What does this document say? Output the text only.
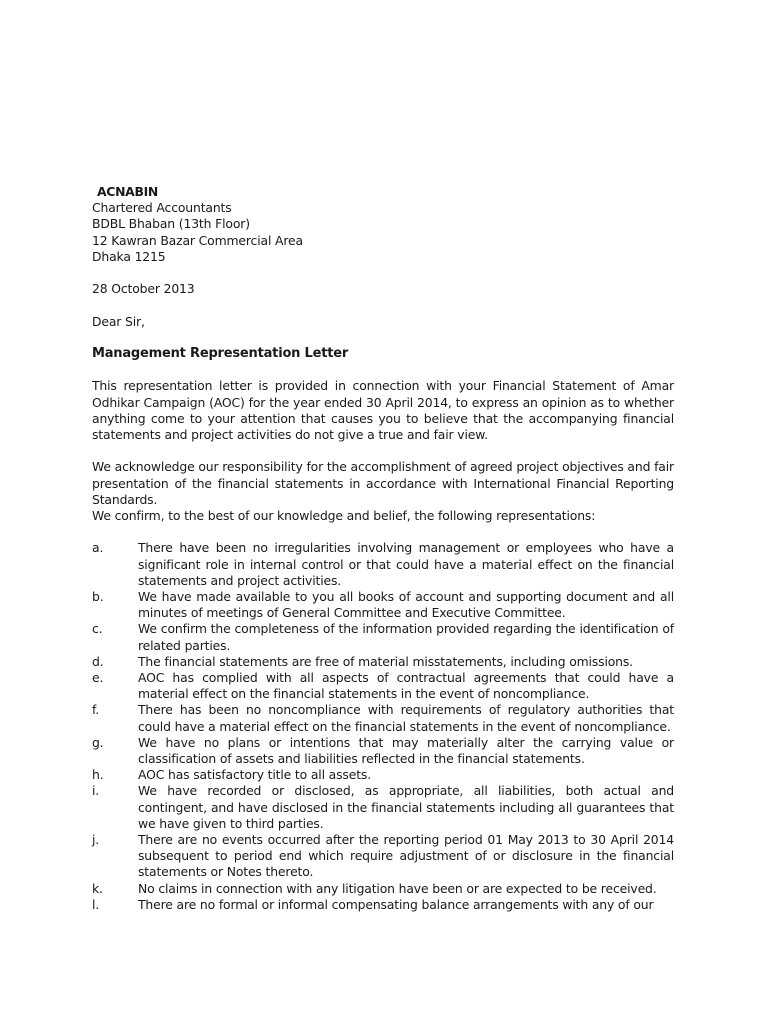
ACNABIN
Chartered Accountants
BDBL Bhaban (13th Floor)
12 Kawran Bazar Commercial Area
Dhaka 1215
28 October 2013
Dear Sir,
Management Representation Letter

This representation letter is provided in connection with your Financial Statement of Amar Odhikar Campaign (AOC) for the year ended 30 April 2014, to express an opinion as to whether anything come to your attention that causes you to believe that the accompanying financial statements and project activities do not give a true and fair view.

We acknowledge our responsibility for the accomplishment of agreed project objectives and fair presentation of the financial statements in accordance with International Financial Reporting Standards.

We confirm, to the best of our knowledge and belief, the following representations:

a.	There have been no irregularities involving management or employees who have a significant role in internal control or that could have a material effect on the financial statements and project activities.
b.	We have made available to you all books of account and supporting document and all minutes of meetings of General Committee and Executive Committee.
c.	We confirm the completeness of the information provided regarding the identification of related parties.
d.	The financial statements are free of material misstatements, including omissions.
e.	AOC has complied with all aspects of contractual agreements that could have a material effect on the financial statements in the event of noncompliance.
f.	There has been no noncompliance with requirements of regulatory authorities that could have a material effect on the financial statements in the event of noncompliance.
g.	We have no plans or intentions that may materially alter the carrying value or classification of assets and liabilities reflected in the financial statements.
h.	AOC has satisfactory title to all assets.
i.	We have recorded or disclosed, as appropriate, all liabilities, both actual and contingent, and have disclosed in the financial statements including all guarantees that we have given to third parties.
j.	There are no events occurred after the reporting period 01 May 2013 to 30 April 2014 subsequent to period end which require adjustment of or disclosure in the financial statements or Notes thereto.
k.	No claims in connection with any litigation have been or are expected to be received.
l.	There are no formal or informal compensating balance arrangements with any of our
